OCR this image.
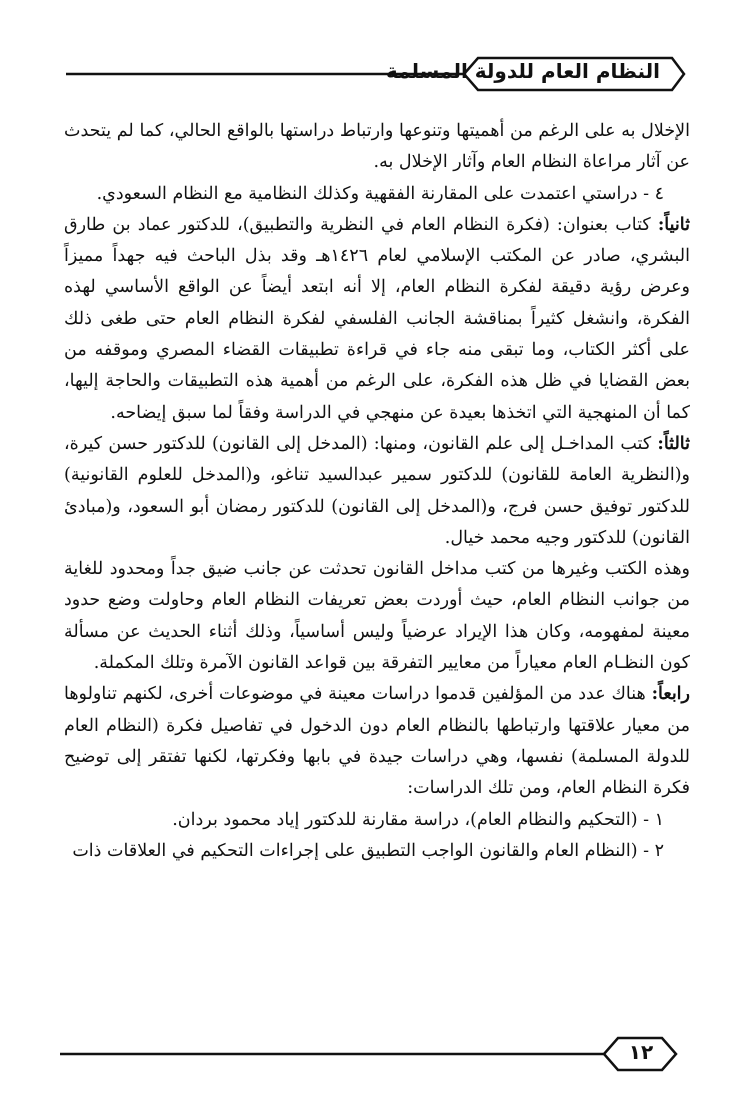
النظام العام للدولة المسلمة

الإخلال به على الرغم من أهميتها وتنوعها وارتباط دراستها بالواقع الحالي، كما لم يتحدث عن آثار مراعاة النظام العام وآثار الإخلال به.

٤ - دراستي اعتمدت على المقارنة الفقهية وكذلك النظامية مع النظام السعودي.

ثانياً: كتاب بعنوان: (فكرة النظام العام في النظرية والتطبيق)، للدكتور عماد بن طارق البشري، صادر عن المكتب الإسلامي لعام ١٤٢٦هـ وقد بذل الباحث فيه جهداً مميزاً وعرض رؤية دقيقة لفكرة النظام العام، إلا أنه ابتعد أيضاً عن الواقع الأساسي لهذه الفكرة، وانشغل كثيراً بمناقشة الجانب الفلسفي لفكرة النظام العام حتى طغى ذلك على أكثر الكتاب، وما تبقى منه جاء في قراءة تطبيقات القضاء المصري وموقفه من بعض القضايا في ظل هذه الفكرة، على الرغم من أهمية هذه التطبيقات والحاجة إليها، كما أن المنهجية التي اتخذها بعيدة عن منهجي في الدراسة وفقاً لما سبق إيضاحه.

ثالثاً: كتب المداخـل إلى علم القانون، ومنها: (المدخل إلى القانون) للدكتور حسن كيرة، و(النظرية العامة للقانون) للدكتور سمير عبدالسيد تناغو، و(المدخل للعلوم القانونية) للدكتور توفيق حسن فرج، و(المدخل إلى القانون) للدكتور رمضان أبو السعود، و(مبادئ القانون) للدكتور وجيه محمد خيال.

وهذه الكتب وغيرها من كتب مداخل القانون تحدثت عن جانب ضيق جداً ومحدود للغاية من جوانب النظام العام، حيث أوردت بعض تعريفات النظام العام وحاولت وضع حدود معينة لمفهومه، وكان هذا الإيراد عرضياً وليس أساسياً، وذلك أثناء الحديث عن مسألة كون النظـام العام معياراً من معايير التفرقة بين قواعد القانون الآمرة وتلك المكملة.

رابعاً: هناك عدد من المؤلفين قدموا دراسات معينة في موضوعات أخرى، لكنهم تناولوها من معيار علاقتها وارتباطها بالنظام العام دون الدخول في تفاصيل فكرة (النظام العام للدولة المسلمة) نفسها، وهي دراسات جيدة في بابها وفكرتها، لكنها تفتقر إلى توضيح فكرة النظام العام، ومن تلك الدراسات:

١ - (التحكيم والنظام العام)، دراسة مقارنة للدكتور إياد محمود بردان.

٢ - (النظام العام والقانون الواجب التطبيق على إجراءات التحكيم في العلاقات ذات

١٢
